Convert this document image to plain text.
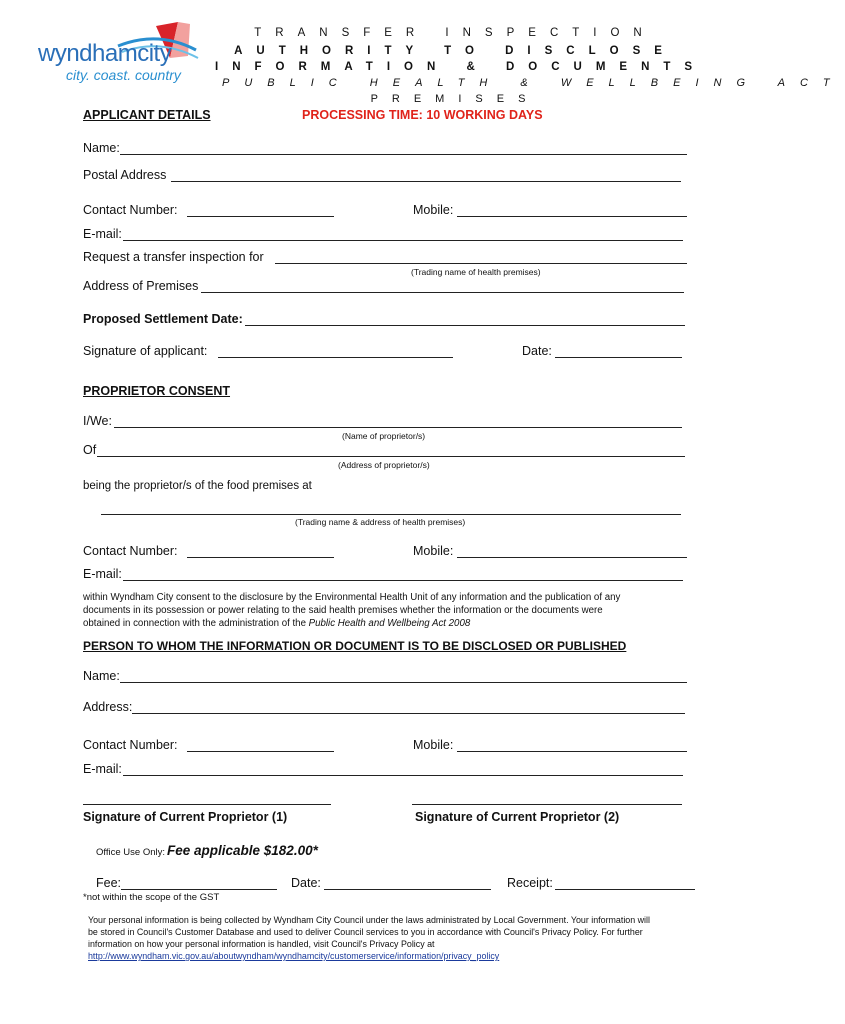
wyndhamcity
city. coast. country
TRANSFER INSPECTION
AUTHORITY TO DISCLOSE
INFORMATION & DOCUMENTS
PUBLIC HEALTH & WELLBEING ACT
PREMISES
PROCESSING TIME: 10 WORKING DAYS
APPLICANT DETAILS
Name:
Postal Address
Contact Number:	Mobile:
E-mail:
Request a transfer inspection for
(Trading name of health premises)
Address of Premises
Proposed Settlement Date:
Signature of applicant:	Date:
PROPRIETOR CONSENT
I/We:
(Name of proprietor/s)
Of
(Address of proprietor/s)
being the proprietor/s of the food premises at
(Trading name & address of health premises)
Contact Number:	Mobile:
E-mail:
within Wyndham City consent to the disclosure by the Environmental Health Unit of any information and the publication of any
documents in its possession or power relating to the said health premises whether the information or the documents were
obtained in connection with the administration of the Public Health and Wellbeing Act 2008
PERSON TO WHOM THE INFORMATION OR DOCUMENT IS TO BE DISCLOSED OR PUBLISHED
Name:
Address:
Contact Number:	Mobile:
E-mail:
Signature of Current Proprietor (1)	Signature of Current Proprietor (2)
Office Use Only: Fee applicable $182.00*
Fee:	Date:	Receipt:
*not within the scope of the GST
Your personal information is being collected by Wyndham City Council under the laws administrated by Local Government. Your information will
be stored in Council's Customer Database and used to deliver Council services to you in accordance with Council's Privacy Policy. For further
information on how your personal information is handled, visit Council's Privacy Policy at
http://www.wyndham.vic.gov.au/aboutwyndham/wyndhamcity/customerservice/information/privacy_policy
